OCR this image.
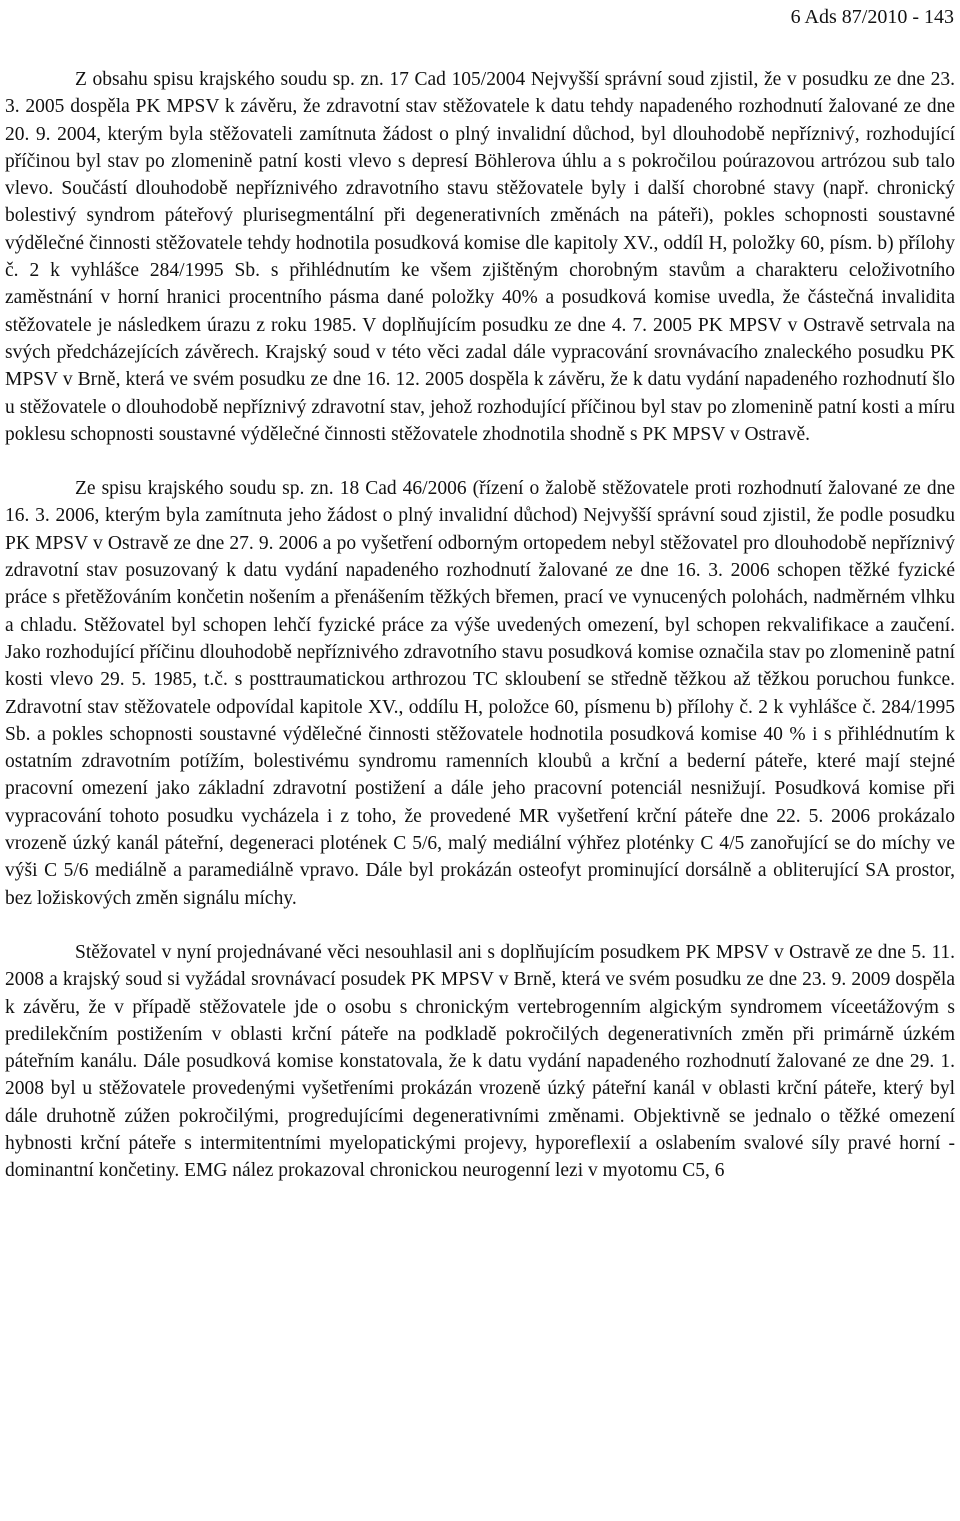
6 Ads 87/2010 - 143

Z obsahu spisu krajského soudu sp. zn. 17 Cad 105/2004 Nejvyšší správní soud zjistil, že v posudku ze dne 23. 3. 2005 dospěla PK MPSV k závěru, že zdravotní stav stěžovatele k datu tehdy napadeného rozhodnutí žalované ze dne 20. 9. 2004, kterým byla stěžovateli zamítnuta žádost o plný invalidní důchod, byl dlouhodobě nepříznivý, rozhodující příčinou byl stav po zlomenině patní kosti vlevo s depresí Böhlerova úhlu a s pokročilou poúrazovou artrózou sub talo vlevo. Součástí dlouhodobě nepříznivého zdravotního stavu stěžovatele byly i další chorobné stavy (např. chronický bolestivý syndrom páteřový plurisegmentální při degenerativních změnách na páteři), pokles schopnosti soustavné výdělečné činnosti stěžovatele tehdy hodnotila posudková komise dle kapitoly XV., oddíl H, položky 60, písm. b) přílohy č. 2 k vyhlášce 284/1995 Sb. s přihlédnutím ke všem zjištěným chorobným stavům a charakteru celoživotního zaměstnání v horní hranici procentního pásma dané položky 40% a posudková komise uvedla, že částečná invalidita stěžovatele je následkem úrazu z roku 1985. V doplňujícím posudku ze dne 4. 7. 2005 PK MPSV v Ostravě setrvala na svých předcházejících závěrech. Krajský soud v této věci zadal dále vypracování srovnávacího znaleckého posudku PK MPSV v Brně, která ve svém posudku ze dne 16. 12. 2005 dospěla k závěru, že k datu vydání napadeného rozhodnutí šlo u stěžovatele o dlouhodobě nepříznivý zdravotní stav, jehož rozhodující příčinou byl stav po zlomenině patní kosti a míru poklesu schopnosti soustavné výdělečné činnosti stěžovatele zhodnotila shodně s PK MPSV v Ostravě.

Ze spisu krajského soudu sp. zn. 18 Cad 46/2006 (řízení o žalobě stěžovatele proti rozhodnutí žalované ze dne 16. 3. 2006, kterým byla zamítnuta jeho žádost o plný invalidní důchod) Nejvyšší správní soud zjistil, že podle posudku PK MPSV v Ostravě ze dne 27. 9. 2006 a po vyšetření odborným ortopedem nebyl stěžovatel pro dlouhodobě nepříznivý zdravotní stav posuzovaný k datu vydání napadeného rozhodnutí žalované ze dne 16. 3. 2006 schopen těžké fyzické práce s přetěžováním končetin nošením a přenášením těžkých břemen, prací ve vynucených polohách, nadměrném vlhku a chladu. Stěžovatel byl schopen lehčí fyzické práce za výše uvedených omezení, byl schopen rekvalifikace a zaučení. Jako rozhodující příčinu dlouhodobě nepříznivého zdravotního stavu posudková komise označila stav po zlomenině patní kosti vlevo 29. 5. 1985, t.č. s posttraumatickou arthrozou TC skloubení se středně těžkou až těžkou poruchou funkce. Zdravotní stav stěžovatele odpovídal kapitole XV., oddílu H, položce 60, písmenu b) přílohy č. 2 k vyhlášce č. 284/1995 Sb. a pokles schopnosti soustavné výdělečné činnosti stěžovatele hodnotila posudková komise 40 % i s přihlédnutím k ostatním zdravotním potížím, bolestivému syndromu ramenních kloubů a krční a bederní páteře, které mají stejné pracovní omezení jako základní zdravotní postižení a dále jeho pracovní potenciál nesnižují. Posudková komise při vypracování tohoto posudku vycházela i z toho, že provedené MR vyšetření krční páteře dne 22. 5. 2006 prokázalo vrozeně úzký kanál páteřní, degeneraci plotének C 5/6, malý mediální výhřez ploténky C 4/5 zanořující se do míchy ve výši C 5/6 mediálně a paramediálně vpravo. Dále byl prokázán osteofyt prominující dorsálně a obliterující SA prostor, bez ložiskových změn signálu míchy.

Stěžovatel v nyní projednávané věci nesouhlasil ani s doplňujícím posudkem PK MPSV v Ostravě ze dne 5. 11. 2008 a krajský soud si vyžádal srovnávací posudek PK MPSV v Brně, která ve svém posudku ze dne 23. 9. 2009 dospěla k závěru, že v případě stěžovatele jde o osobu s chronickým vertebrogenním algickým syndromem víceetážovým s predilekčním postižením v oblasti krční páteře na podkladě pokročilých degenerativních změn při primárně úzkém páteřním kanálu. Dále posudková komise konstatovala, že k datu vydání napadeného rozhodnutí žalované ze dne 29. 1. 2008 byl u stěžovatele provedenými vyšetřeními prokázán vrozeně úzký páteřní kanál v oblasti krční páteře, který byl dále druhotně zúžen pokročilými, progredujícími degenerativními změnami. Objektivně se jednalo o těžké omezení hybnosti krční páteře s intermitentními myelopatickými projevy, hyporeflexií a oslabením svalové síly pravé horní - dominantní končetiny. EMG nález prokazoval chronickou neurogenní lezi v myotomu C5, 6
